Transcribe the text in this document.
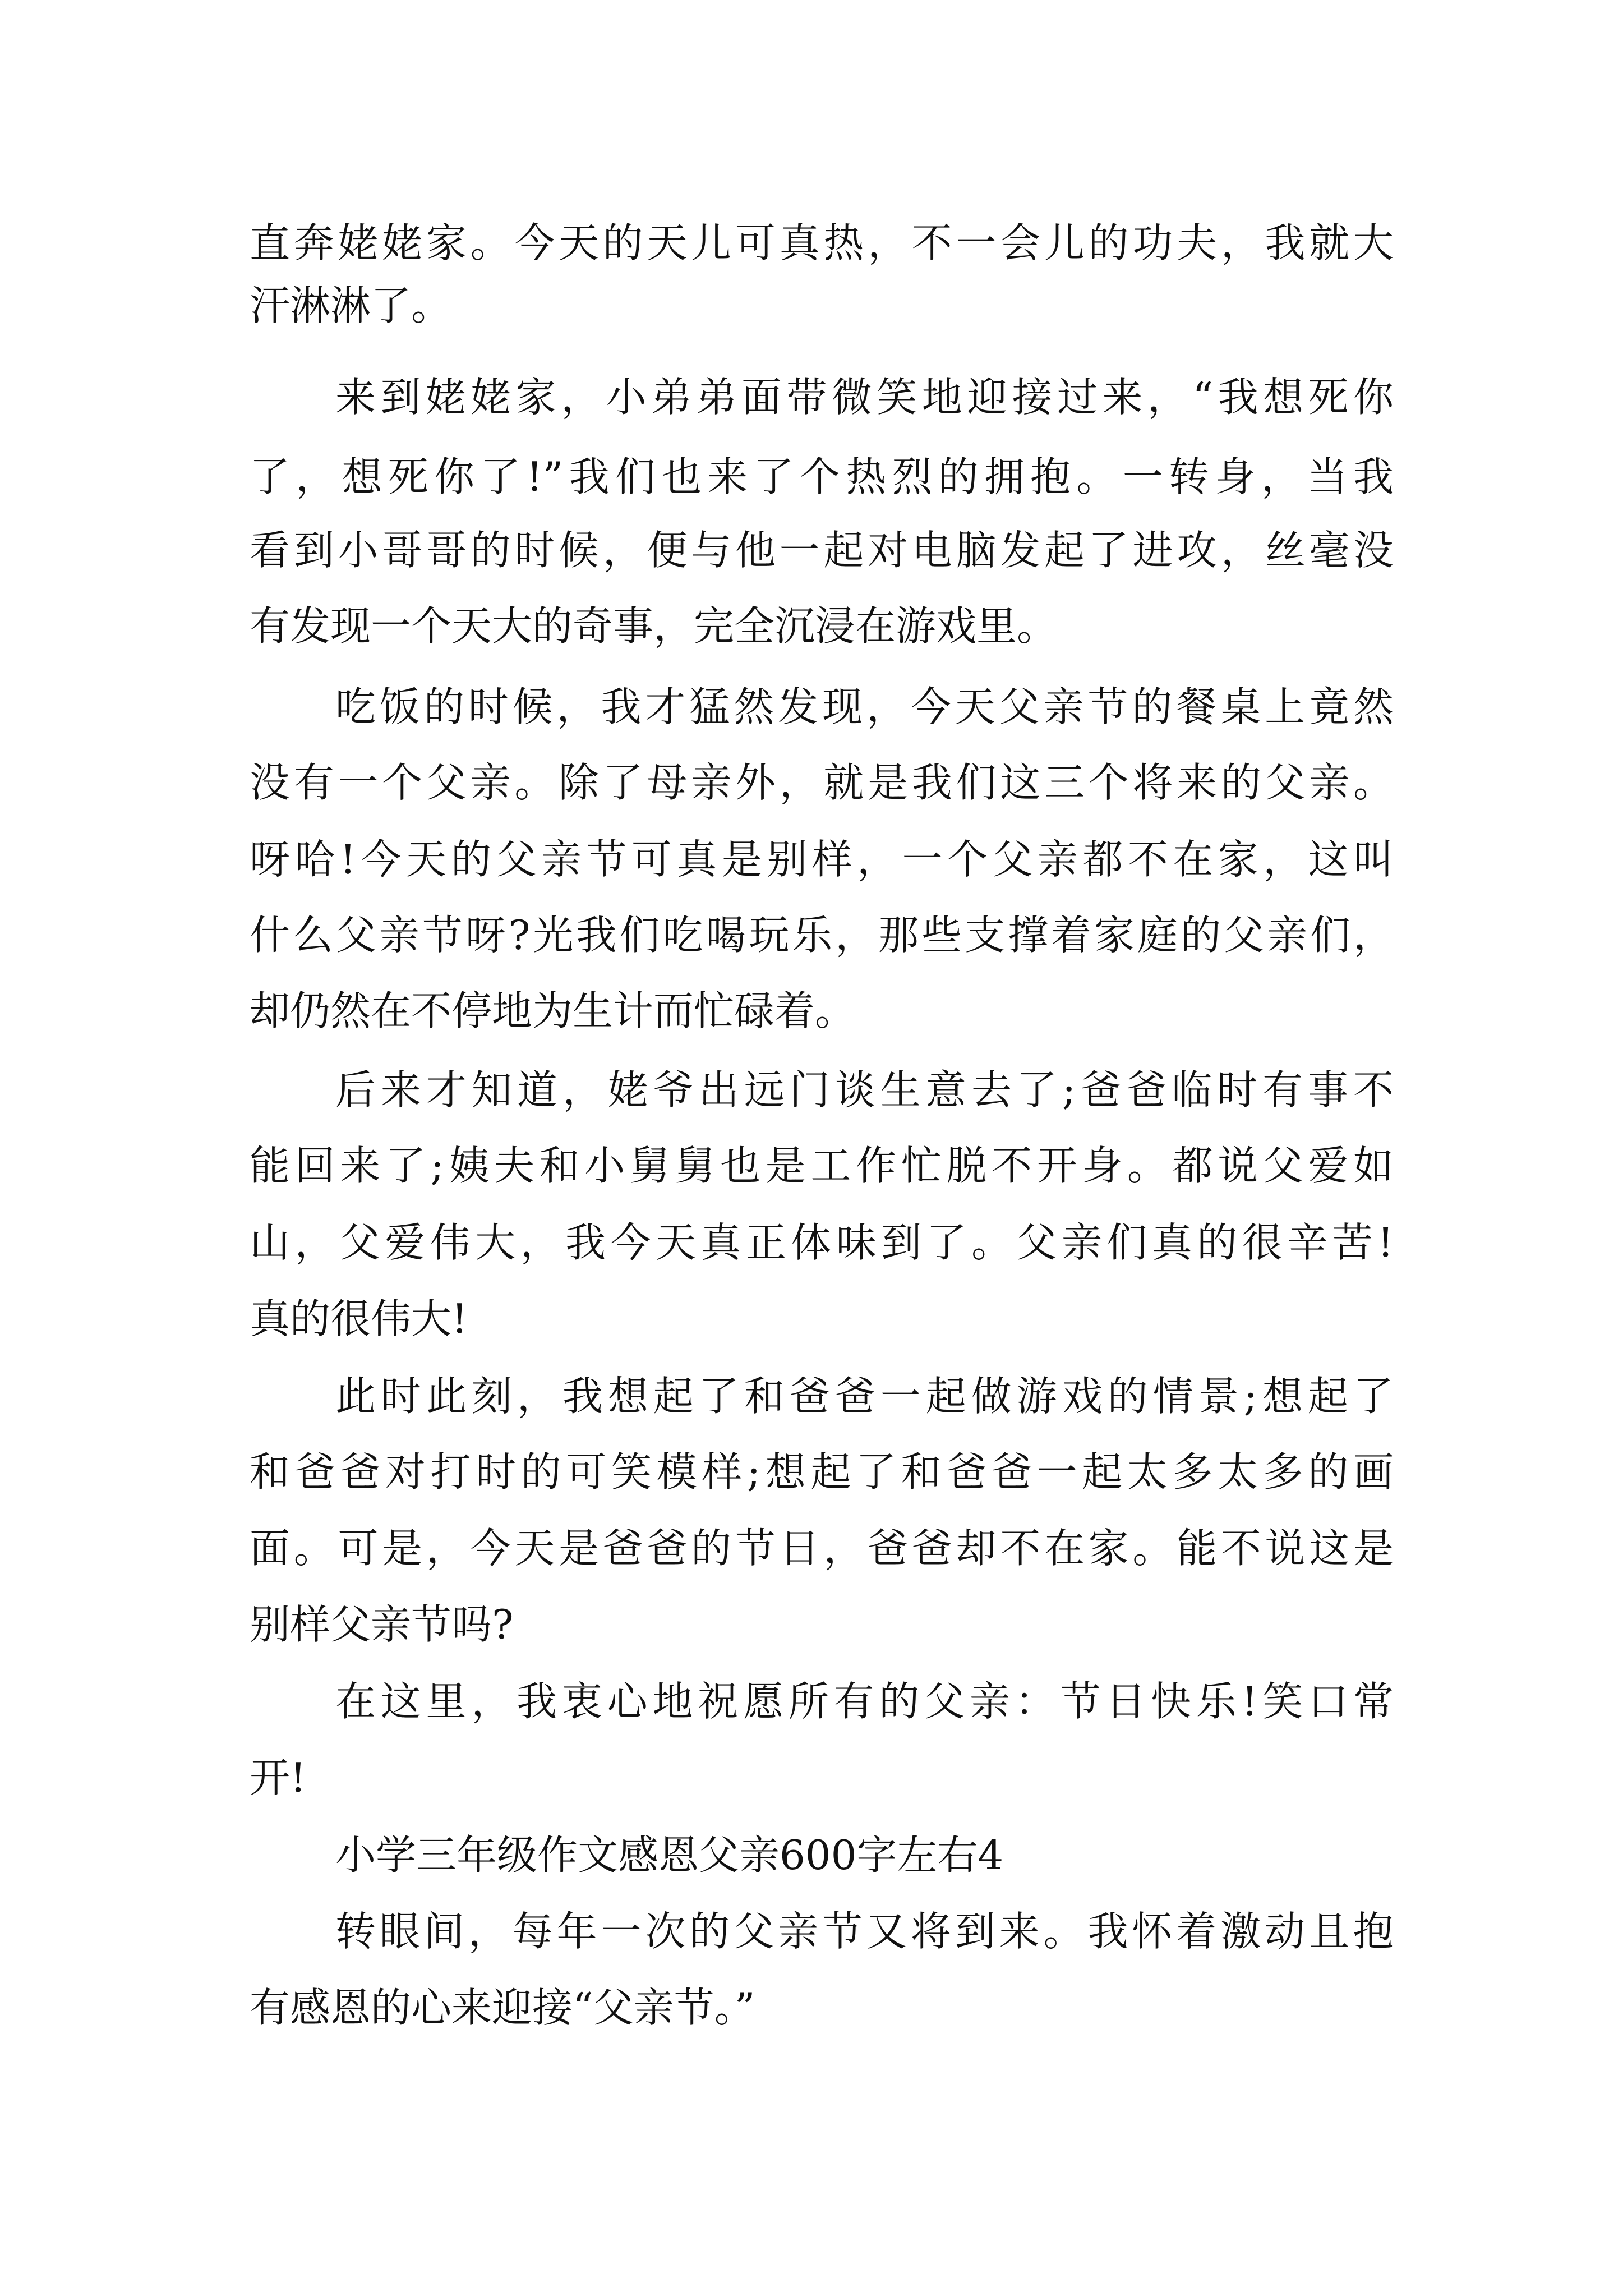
直奔姥姥家。今天的天儿可真热，不一会儿的功夫，我就大
汗淋淋了。
来到姥姥家，小弟弟面带微笑地迎接过来，“我想死你
了，想死你了!”我们也来了个热烈的拥抱。一转身，当我
看到小哥哥的时候，便与他一起对电脑发起了进攻，丝毫没
有发现一个天大的奇事，完全沉浸在游戏里。
吃饭的时候，我才猛然发现，今天父亲节的餐桌上竟然
没有一个父亲。除了母亲外，就是我们这三个将来的父亲。
呀哈!今天的父亲节可真是别样，一个父亲都不在家，这叫
什么父亲节呀?光我们吃喝玩乐，那些支撑着家庭的父亲们，
却仍然在不停地为生计而忙碌着。
后来才知道，姥爷出远门谈生意去了;爸爸临时有事不
能回来了;姨夫和小舅舅也是工作忙脱不开身。都说父爱如
山，父爱伟大，我今天真正体味到了。父亲们真的很辛苦!
真的很伟大!
此时此刻，我想起了和爸爸一起做游戏的情景;想起了
和爸爸对打时的可笑模样;想起了和爸爸一起太多太多的画
面。可是，今天是爸爸的节日，爸爸却不在家。能不说这是
别样父亲节吗?
在这里，我衷心地祝愿所有的父亲：节日快乐!笑口常
开!
小学三年级作文感恩父亲600字左右4
转眼间，每年一次的父亲节又将到来。我怀着激动且抱
有感恩的心来迎接“父亲节。”
